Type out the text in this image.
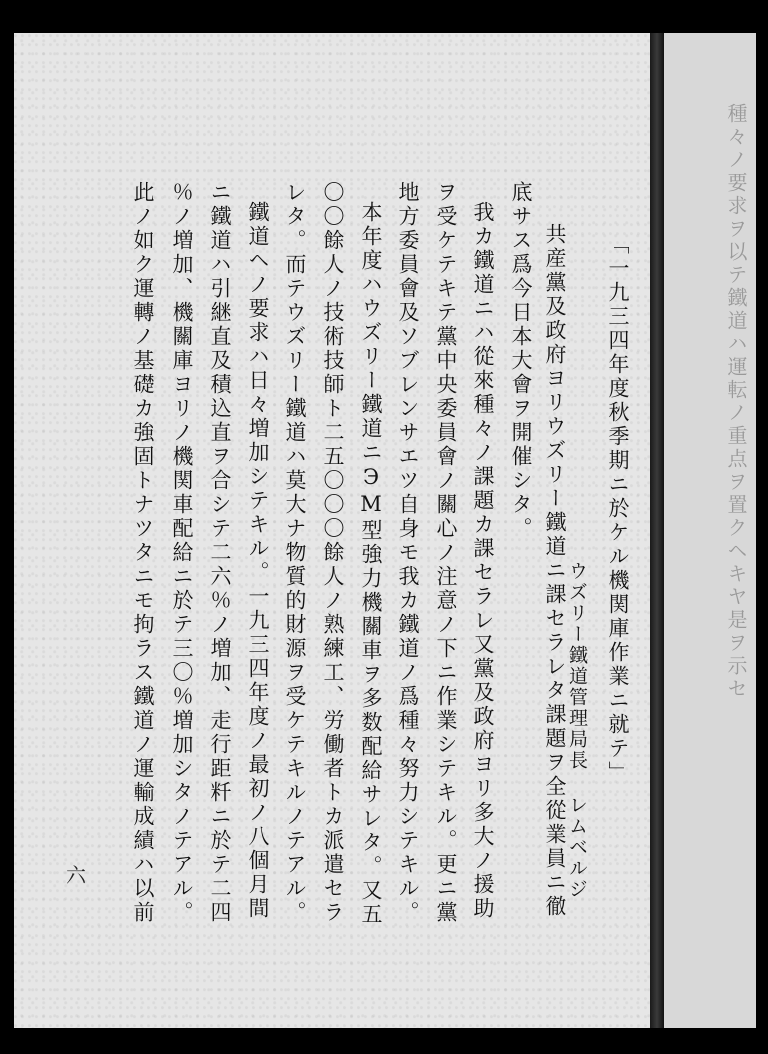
「一九三四年度秋季期ニ於ケル機関庫作業ニ就テ」
ウズリー鐵道管理局長 レムベルジ
共産黨及政府ヨリウズリー鐵道ニ課セラレタ課題ヲ全從業員ニ徹
底サス爲今日本大會ヲ開催シタ。
我カ鐵道ニハ從來種々ノ課題カ課セラレ又黨及政府ヨリ多大ノ援助
ヲ受ケテキテ黨中央委員會ノ關心ノ注意ノ下ニ作業シテキル。更ニ黨
地方委員會及ソブレンサエツ自身モ我カ鐵道ノ爲種々努力シテキル。
本年度ハウズリー鐵道ニЭM型強力機關車ヲ多数配給サレタ。又五
〇〇餘人ノ技術技師ト二五〇〇〇餘人ノ熟練工、労働者トカ派遣セラ
レタ。而テウズリー鐵道ハ莫大ナ物質的財源ヲ受ケテキルノテアル。
鐵道ヘノ要求ハ日々増加シテキル。一九三四年度ノ最初ノ八個月間
ニ鐵道ハ引継直及積込直ヲ合シテ二六％ノ増加、走行距粁ニ於テ二四
％ノ増加、機關庫ヨリノ機関車配給ニ於テ三〇％増加シタノテアル。
此ノ如ク運轉ノ基礎カ強固トナツタニモ拘ラス鐵道ノ運輸成績ハ以前
六
種々ノ要求ヲ以テ鐵道ハ運転ノ重点ヲ置クヘキヤ是ヲ示セ
